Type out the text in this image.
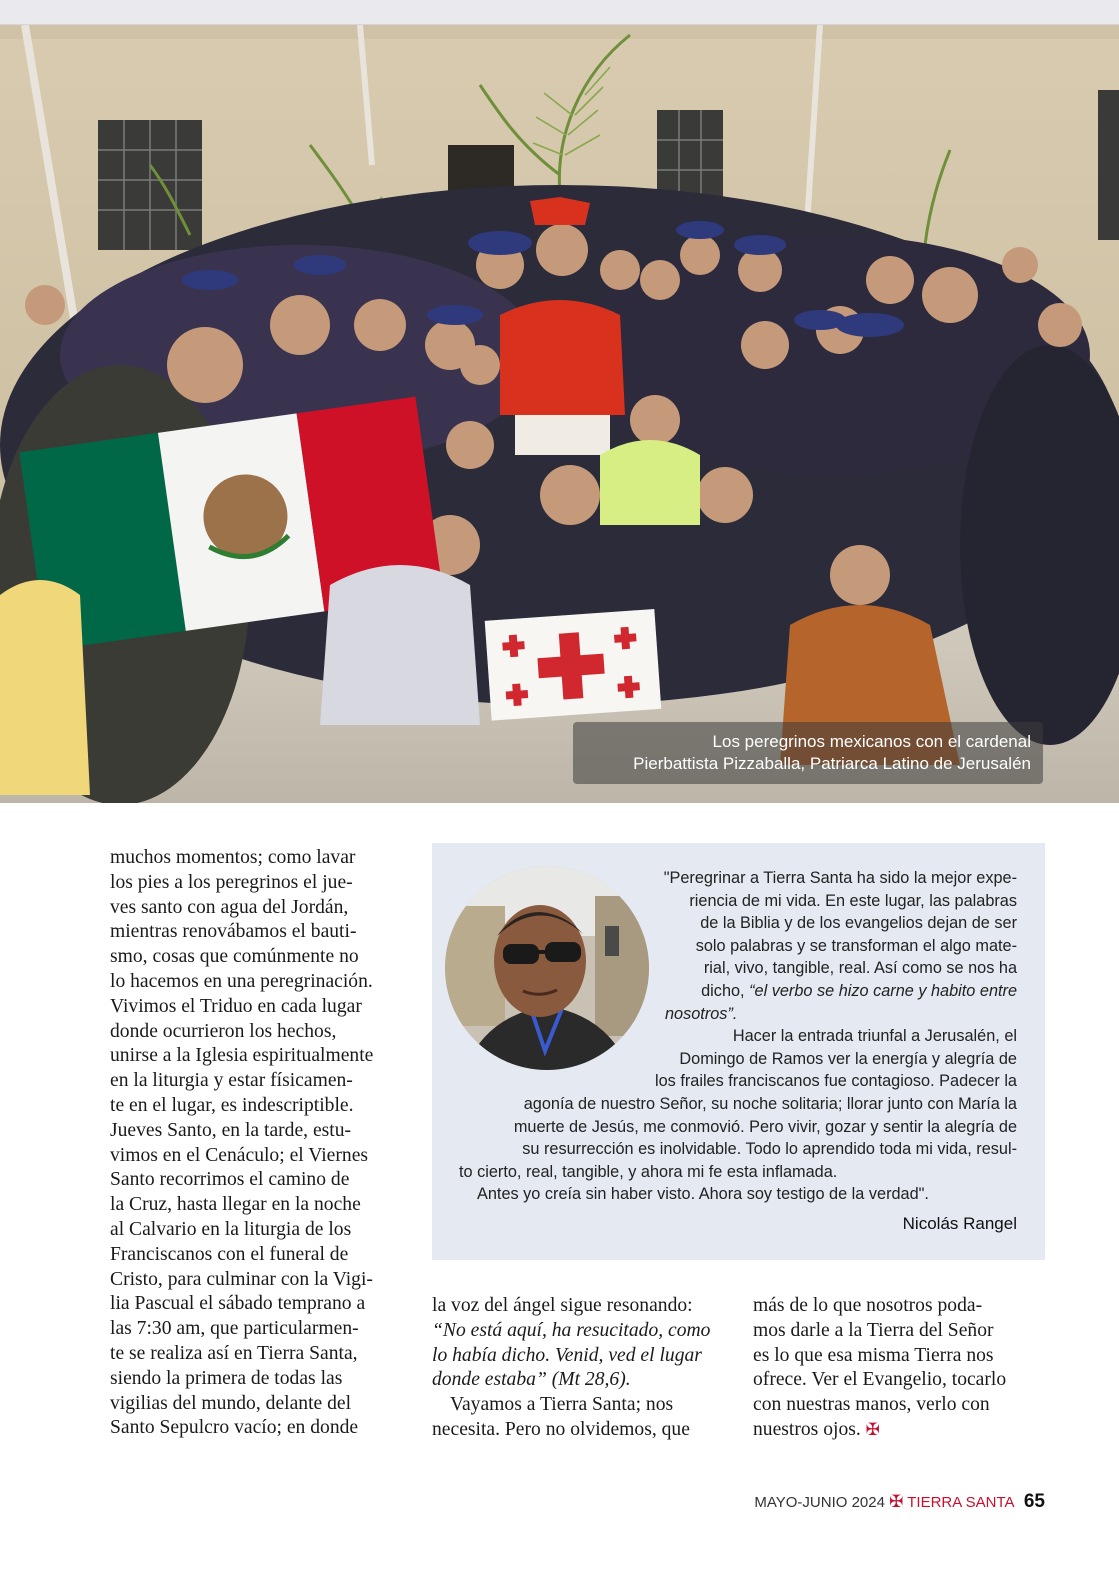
Los peregrinos mexicanos con el cardenal
Pierbattista Pizzaballa, Patriarca Latino de Jerusalén
muchos momentos; como lavar
los pies a los peregrinos el jue-
ves santo con agua del Jordán,
mientras renovábamos el bauti-
smo, cosas que comúnmente no
lo hacemos en una peregrinación.
Vivimos el Triduo en cada lugar
donde ocurrieron los hechos,
unirse a la Iglesia espiritualmente
en la liturgia y estar físicamen-
te en el lugar, es indescriptible.
Jueves Santo, en la tarde, estu-
vimos en el Cenáculo; el Viernes
Santo recorrimos el camino de
la Cruz, hasta llegar en la noche
al Calvario en la liturgia de los
Franciscanos con el funeral de
Cristo, para culminar con la Vigi-
lia Pascual el sábado temprano a
las 7:30 am, que particularmen-
te se realiza así en Tierra Santa,
siendo la primera de todas las
vigilias del mundo, delante del
Santo Sepulcro vacío; en donde
"Peregrinar a Tierra Santa ha sido la mejor expe-
riencia de mi vida. En este lugar, las palabras
de la Biblia y de los evangelios dejan de ser
solo palabras y se transforman el algo mate-
rial, vivo, tangible, real. Así como se nos ha
dicho, “el verbo se hizo carne y habito entre
nosotros”.
Hacer la entrada triunfal a Jerusalén, el
Domingo de Ramos ver la energía y alegría de
los frailes franciscanos fue contagioso. Padecer la
agonía de nuestro Señor, su noche solitaria; llorar junto con María la
muerte de Jesús, me conmovió. Pero vivir, gozar y sentir la alegría de
su resurrección es inolvidable. Todo lo aprendido toda mi vida, resul-
to cierto, real, tangible, y ahora mi fe esta inflamada.
Antes yo creía sin haber visto. Ahora soy testigo de la verdad".
Nicolás Rangel
la voz del ángel sigue resonando:
“No está aquí, ha resucitado, como
lo había dicho. Venid, ved el lugar
donde estaba” (Mt 28,6).
Vayamos a Tierra Santa; nos
necesita. Pero no olvidemos, que
más de lo que nosotros poda-
mos darle a la Tierra del Señor
es lo que esa misma Tierra nos
ofrece. Ver el Evangelio, tocarlo
con nuestras manos, verlo con
nuestros ojos. ✠
MAYO-JUNIO 2024 ✠ TIERRA SANTA 65
